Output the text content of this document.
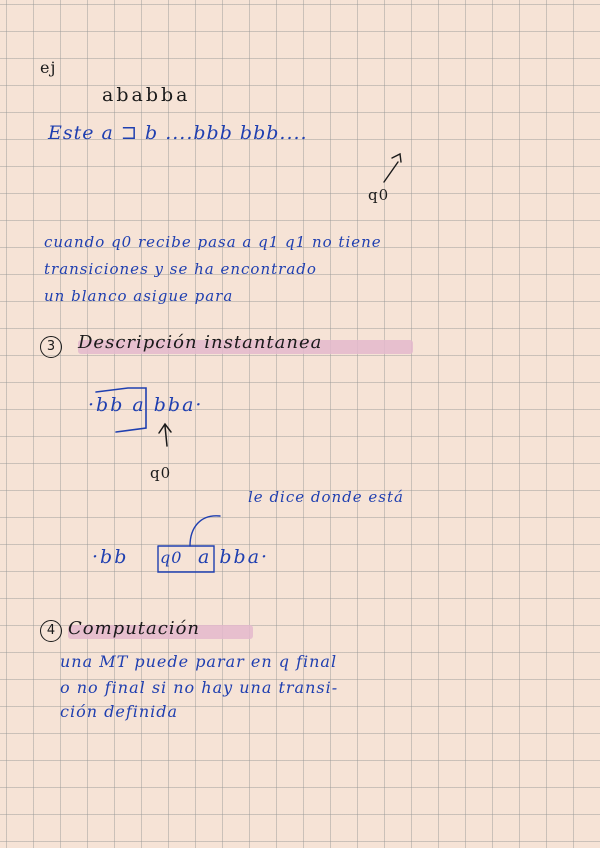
ej
ababba
Este a ⊐ b ....bbb bbb....
q0
cuando q0 recibe pasa a q1 q1 no tiene
transiciones y se ha encontrado
un blanco asigue para
3	Descripción instantanea
·bb a bba·
q0
le dice donde está
·bb q0 a bba·
4 Computación
una MT puede parar en q final
o no final si no hay una transi-
ción definida
